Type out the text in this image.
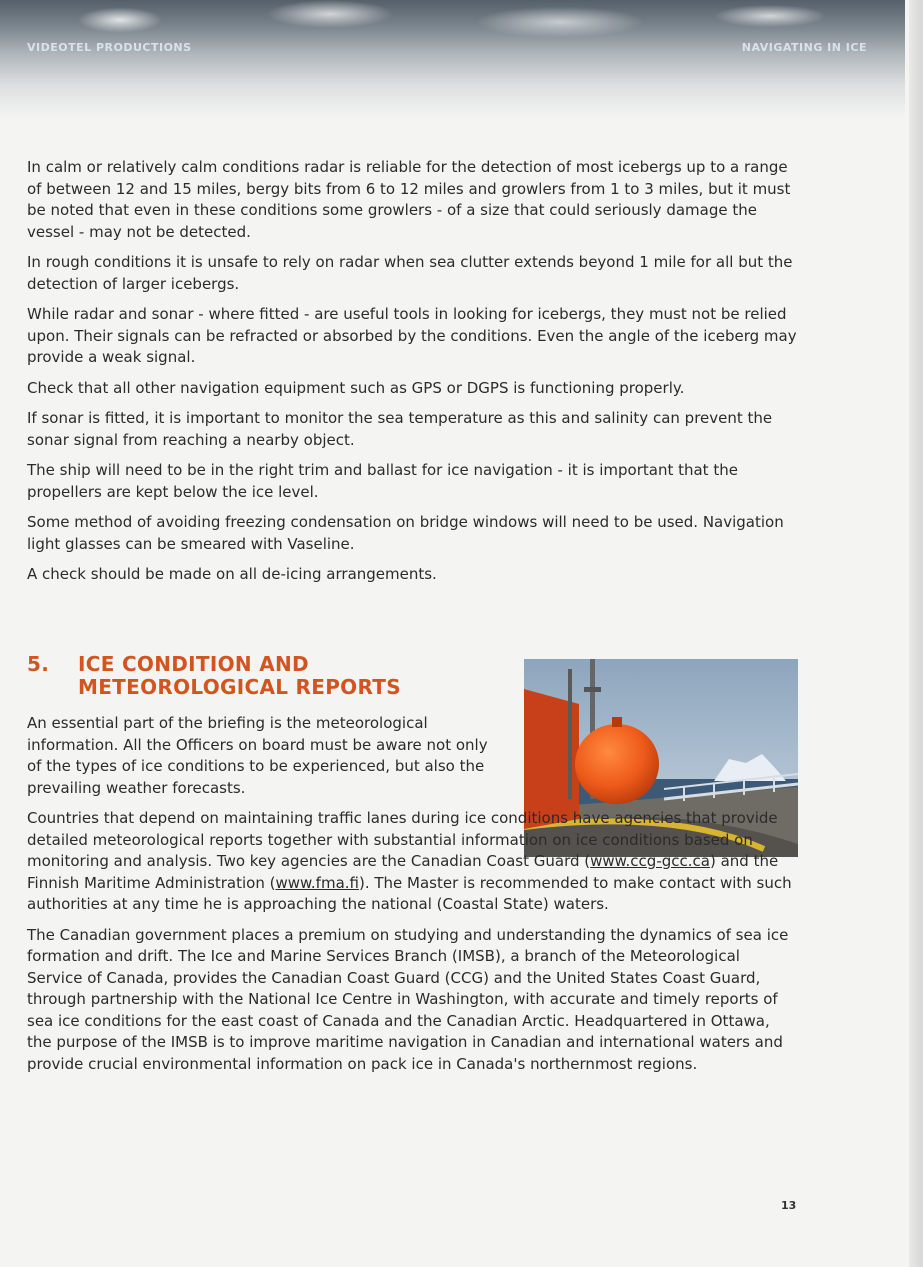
VIDEOTEL PRODUCTIONS	NAVIGATING IN ICE

In calm or relatively calm conditions radar is reliable for the detection of most icebergs up to a range of between 12 and 15 miles, bergy bits from 6 to 12 miles and growlers from 1 to 3 miles, but it must be noted that even in these conditions some growlers - of a size that could seriously damage the vessel - may not be detected.

In rough conditions it is unsafe to rely on radar when sea clutter extends beyond 1 mile for all but the detection of larger icebergs.

While radar and sonar - where fitted - are useful tools in looking for icebergs, they must not be relied upon. Their signals can be refracted or absorbed by the conditions. Even the angle of the iceberg may provide a weak signal.

Check that all other navigation equipment such as GPS or DGPS is functioning properly.

If sonar is fitted, it is important to monitor the sea temperature as this and salinity can prevent the sonar signal from reaching a nearby object.

The ship will need to be in the right trim and ballast for ice navigation - it is important that the propellers are kept below the ice level.

Some method of avoiding freezing condensation on bridge windows will need to be used. Navigation light glasses can be smeared with Vaseline.

A check should be made on all de-icing arrangements.

5. ICE CONDITION AND
METEOROLOGICAL REPORTS

An essential part of the briefing is the meteorological information. All the Officers on board must be aware not only of the types of ice conditions to be experienced, but also the prevailing weather forecasts.

Countries that depend on maintaining traffic lanes during ice conditions have agencies that provide detailed meteorological reports together with substantial information on ice conditions based on monitoring and analysis. Two key agencies are the Canadian Coast Guard (www.ccg-gcc.ca) and the Finnish Maritime Administration (www.fma.fi). The Master is recommended to make contact with such authorities at any time he is approaching the national (Coastal State) waters.

The Canadian government places a premium on studying and understanding the dynamics of sea ice formation and drift. The Ice and Marine Services Branch (IMSB), a branch of the Meteorological Service of Canada, provides the Canadian Coast Guard (CCG) and the United States Coast Guard, through partnership with the National Ice Centre in Washington, with accurate and timely reports of sea ice conditions for the east coast of Canada and the Canadian Arctic. Headquartered in Ottawa, the purpose of the IMSB is to improve maritime navigation in Canadian and international waters and provide crucial environmental information on pack ice in Canada's northernmost regions.

13
